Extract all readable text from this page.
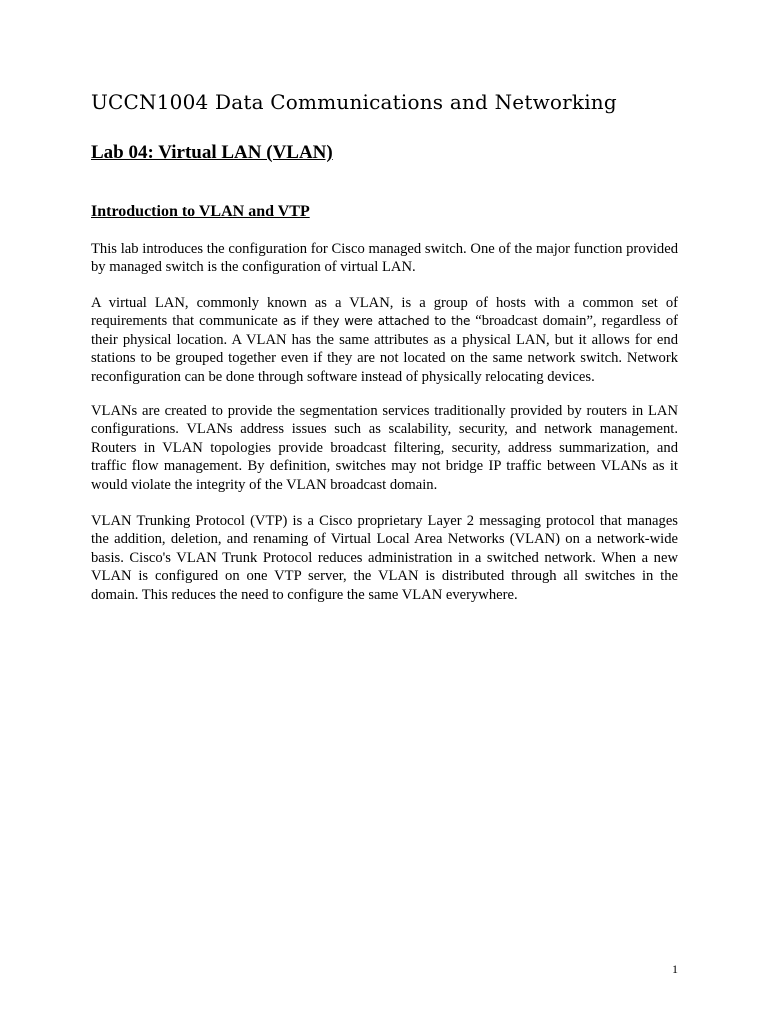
UCCN1004 Data Communications and Networking
Lab 04: Virtual LAN (VLAN)
Introduction to VLAN and VTP

This lab introduces the configuration for Cisco managed switch. One of the major function provided by managed switch is the configuration of virtual LAN.

A virtual LAN, commonly known as a VLAN, is a group of hosts with a common set of requirements that communicate as if they were attached to the “broadcast domain”, regardless of their physical location. A VLAN has the same attributes as a physical LAN, but it allows for end stations to be grouped together even if they are not located on the same network switch. Network reconfiguration can be done through software instead of physically relocating devices.

VLANs are created to provide the segmentation services traditionally provided by routers in LAN configurations. VLANs address issues such as scalability, security, and network management. Routers in VLAN topologies provide broadcast filtering, security, address summarization, and traffic flow management. By definition, switches may not bridge IP traffic between VLANs as it would violate the integrity of the VLAN broadcast domain.

VLAN Trunking Protocol (VTP) is a Cisco proprietary Layer 2 messaging protocol that manages the addition, deletion, and renaming of Virtual Local Area Networks (VLAN) on a network-wide basis. Cisco's VLAN Trunk Protocol reduces administration in a switched network. When a new VLAN is configured on one VTP server, the VLAN is distributed through all switches in the domain. This reduces the need to configure the same VLAN everywhere.

1
